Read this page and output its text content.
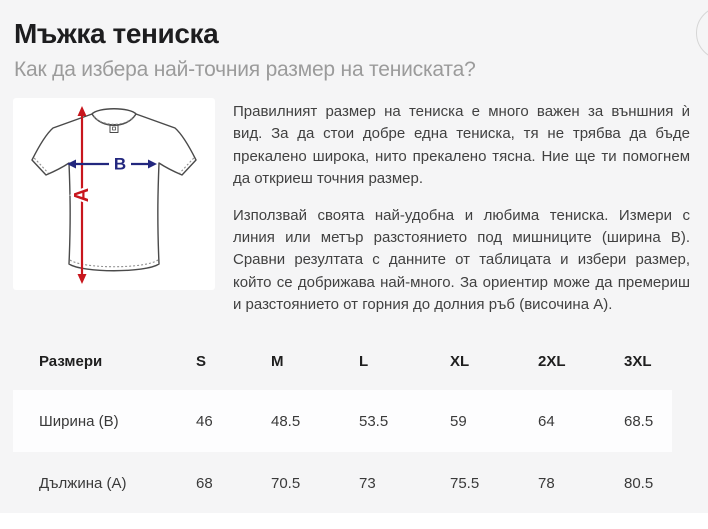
Мъжка тениска
Как да избера най-точния размер на тениската?
A
B
Правилният размер на тениска е много важен за външния ѝ
вид. За да стои добре една тениска, тя не трябва да бъде
прекалено широка, нито прекалено тясна. Ние ще ти помогнем
да откриеш точния размер.
Използвай своята най-удобна и любима тениска. Измери с
линия или метър разстоянието под мишниците (ширина B).
Сравни резултата с данните от таблицата и избери размер,
който се добрижава най-много. За ориентир може да премериш
и разстоянието от горния до долния ръб (височина A).
Размери	S	M	L	XL	2XL	3XL
Ширина (B)	46	48.5	53.5	59	64	68.5
Дължина (A)	68	70.5	73	75.5	78	80.5
